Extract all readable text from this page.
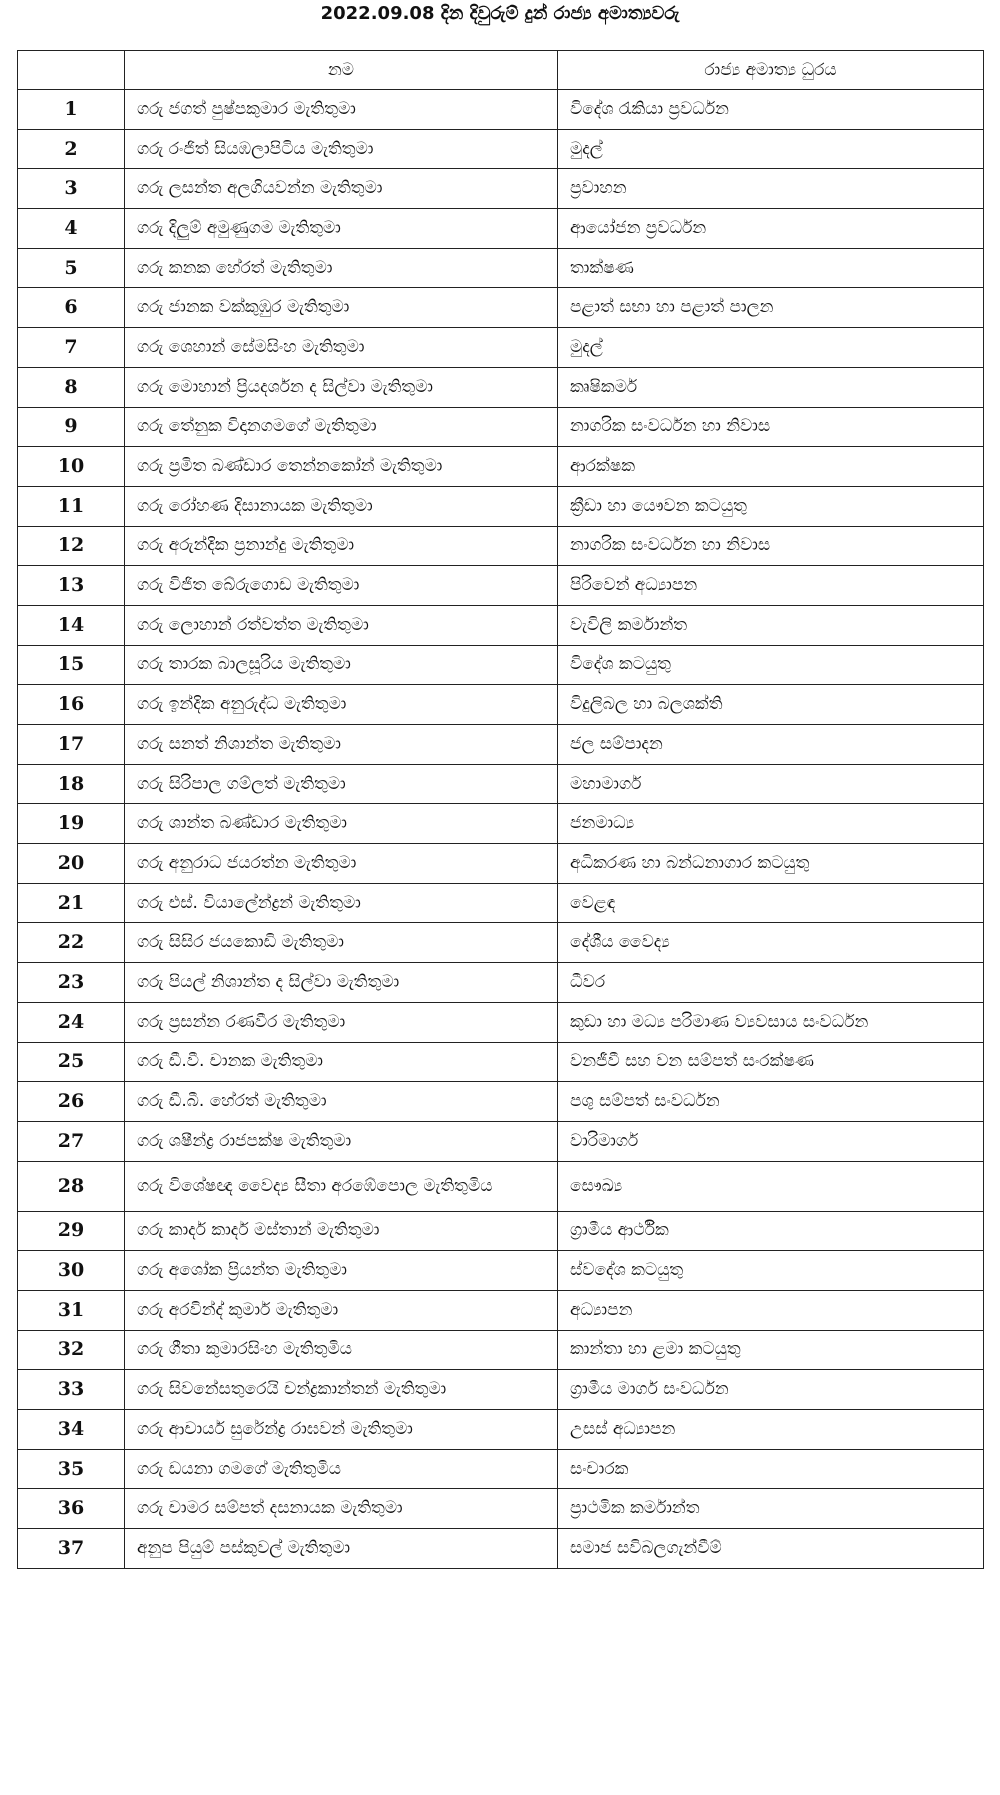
2022.09.08 දින දිවුරුම් දුන් රාජ්‍ය අමාත්‍යවරු
	නම	රාජ්‍ය අමාත්‍ය ධුරය
1	ගරු ජගත් පුෂ්පකුමාර මැතිතුමා	විදේශ රැකියා ප්‍රවර්ධන
2	ගරු රංජිත් සියඹලාපිටිය මැතිතුමා	මුදල්
3	ගරු ලසන්ත අලගියවන්න මැතිතුමා	ප්‍රවාහන
4	ගරු දිලුම් අමුණුගම මැතිතුමා	ආයෝජන ප්‍රවර්ධන
5	ගරු කනක හේරත් මැතිතුමා	තාක්ෂණ
6	ගරු ජානක වක්කුඹුර මැතිතුමා	පළාත් සභා හා පළාත් පාලන
7	ගරු ශෙහාන් සේමසිංහ මැතිතුමා	මුදල්
8	ගරු මොහාන් ප්‍රියදර්ශන ද සිල්වා මැතිතුමා	කෘෂිකර්ම
9	ගරු තේනුක විදානගමගේ මැතිතුමා	නාගරික සංවර්ධන හා නිවාස
10	ගරු ප්‍රමිත බණ්ඩාර තෙන්නකෝන් මැතිතුමා	ආරක්ෂක
11	ගරු රෝහණ දිසානායක මැතිතුමා	ක්‍රීඩා හා යෞවන කටයුතු
12	ගරු අරුන්දික ප්‍රනාන්දු මැතිතුමා	නාගරික සංවර්ධන හා නිවාස
13	ගරු විජිත බේරුගොඩ මැතිතුමා	පිරිවෙන් අධ්‍යාපන
14	ගරු ලොහාන් රත්වත්ත මැතිතුමා	වැවිලි කර්මාන්ත
15	ගරු තාරක බාලසූරිය මැතිතුමා	විදේශ කටයුතු
16	ගරු ඉන්දික අනුරුද්ධ මැතිතුමා	විදුලිබල හා බලශක්ති
17	ගරු සනත් නිශාන්ත මැතිතුමා	ජල සම්පාදන
18	ගරු සිරිපාල ගම්ලත් මැතිතුමා	මහාමාර්ග
19	ගරු ශාන්ත බණ්ඩාර මැතිතුමා	ජනමාධ්‍ය
20	ගරු අනුරාධ ජයරත්න මැතිතුමා	අධිකරණ හා බන්ධනාගාර කටයුතු
21	ගරු එස්. වියාලේන්ද්‍රන් මැතිතුමා	වෙළඳ
22	ගරු සිසිර ජයකොඩි මැතිතුමා	දේශීය වෛද්‍ය
23	ගරු පියල් නිශාන්ත ද සිල්වා මැතිතුමා	ධීවර
24	ගරු ප්‍රසන්න රණවීර මැතිතුමා	කුඩා හා මධ්‍ය පරිමාණ ව්‍යවසාය සංවර්ධන
25	ගරු ඩී.වී. චානක මැතිතුමා	වනජීවී සහ වන සම්පත් සංරක්ෂණ
26	ගරු ඩී.බී. හේරත් මැතිතුමා	පශු සම්පත් සංවර්ධන
27	ගරු ශෂීන්ද්‍ර රාජපක්ෂ මැතිතුමා	වාරිමාර්ග
28	ගරු විශේෂඥ වෛද්‍ය සීතා අරඹේපොල මැතිතුමිය	සෞඛ්‍ය
29	ගරු කාදර් කාදර් මස්තාන් මැතිතුමා	ග්‍රාමීය ආර්ථික
30	ගරු අශෝක ප්‍රියන්ත මැතිතුමා	ස්වදේශ කටයුතු
31	ගරු අරවින්ද් කුමාර් මැතිතුමා	අධ්‍යාපන
32	ගරු ගීතා කුමාරසිංහ මැතිතුමිය	කාන්තා හා ළමා කටයුතු
33	ගරු සිවනේසතුරෙයි චන්ද්‍රකාන්තන් මැතිතුමා	ග්‍රාමීය මාර්ග සංවර්ධන
34	ගරු ආචාර්ය සුරේන්ද්‍ර රාඝවන් මැතිතුමා	උසස් අධ්‍යාපන
35	ගරු ඩයනා ගමගේ මැතිතුමිය	සංචාරක
36	ගරු චාමර සම්පත් දසනායක මැතිතුමා	ප්‍රාථමික කර්මාන්ත
37	අනුප පියුම් පස්කුවල් මැතිතුමා	සමාජ සවිබලගැන්වීම්
